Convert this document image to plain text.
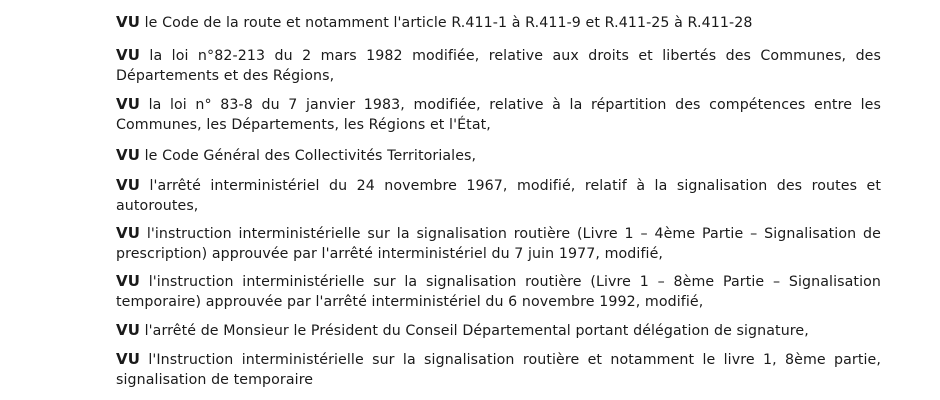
VU le Code de la route et notamment l'article R.411-1 à R.411-9 et R.411-25 à R.411-28

VU la loi n°82-213 du 2 mars 1982 modifiée, relative aux droits et libertés des Communes, des Départements et des Régions,

VU la loi n° 83-8 du 7 janvier 1983, modifiée, relative à la répartition des compétences entre les Communes, les Départements, les Régions et l'État,

VU le Code Général des Collectivités Territoriales,

VU l'arrêté interministériel du 24 novembre 1967, modifié, relatif à la signalisation des routes et autoroutes,

VU l'instruction interministérielle sur la signalisation routière (Livre 1 – 4ème Partie – Signalisation de prescription) approuvée par l'arrêté interministériel du 7 juin 1977, modifié,

VU l'instruction interministérielle sur la signalisation routière (Livre 1 – 8ème Partie – Signalisation temporaire) approuvée par l'arrêté interministériel du 6 novembre 1992, modifié,

VU l'arrêté de Monsieur le Président du Conseil Départemental portant délégation de signature,

VU l'Instruction interministérielle sur la signalisation routière et notamment le livre 1, 8ème partie, signalisation de temporaire
